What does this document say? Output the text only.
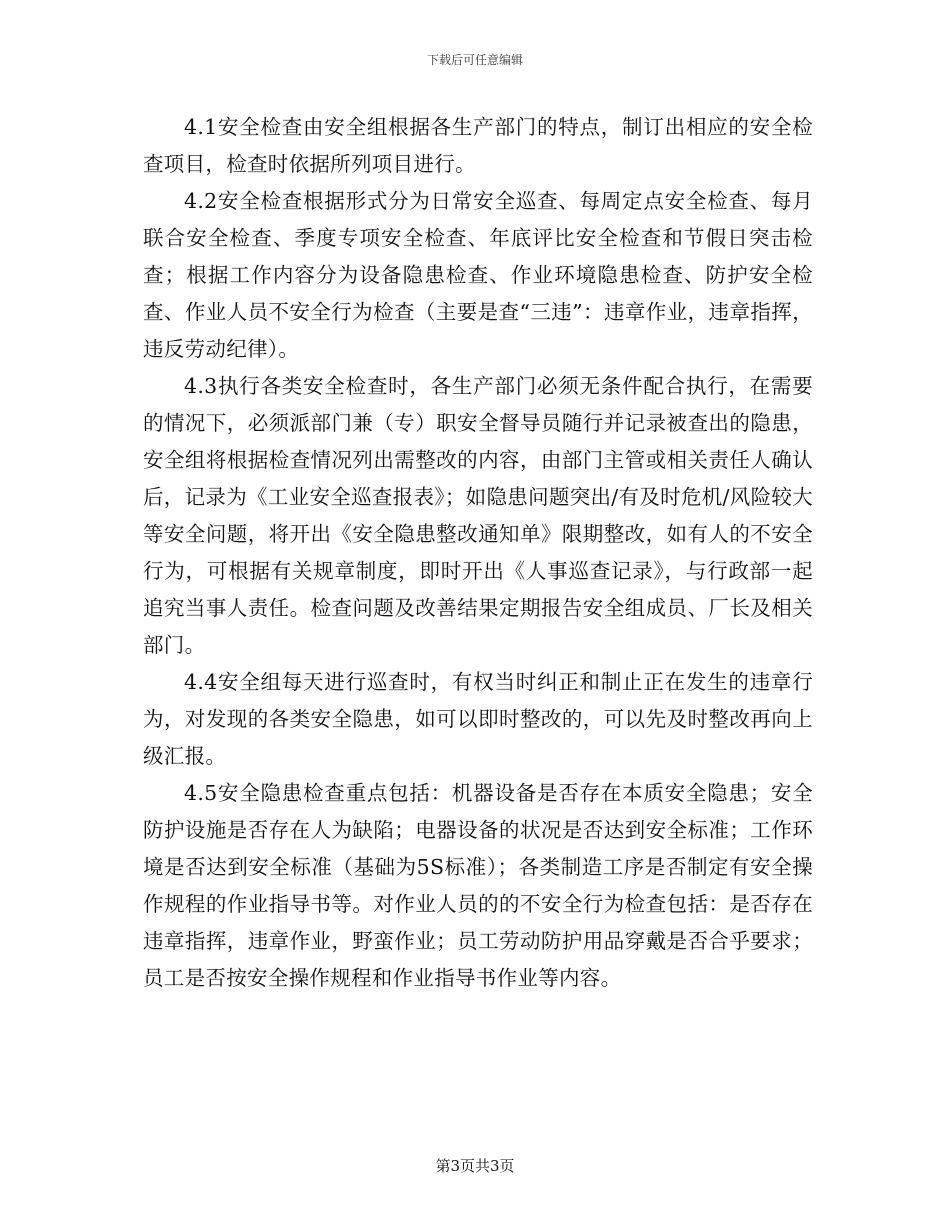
下载后可任意编辑

4.1安全检查由安全组根据各生产部门的特点，制订出相应的安全检查项目，检查时依据所列项目进行。

4.2安全检查根据形式分为日常安全巡查、每周定点安全检查、每月联合安全检查、季度专项安全检查、年底评比安全检查和节假日突击检查；根据工作内容分为设备隐患检查、作业环境隐患检查、防护安全检查、作业人员不安全行为检查（主要是查“三违”：违章作业，违章指挥，违反劳动纪律）。

4.3执行各类安全检查时，各生产部门必须无条件配合执行，在需要的情况下，必须派部门兼（专）职安全督导员随行并记录被查出的隐患，安全组将根据检查情况列出需整改的内容，由部门主管或相关责任人确认后，记录为《工业安全巡查报表》；如隐患问题突出/有及时危机/风险较大等安全问题，将开出《安全隐患整改通知单》限期整改，如有人的不安全行为，可根据有关规章制度，即时开出《人事巡查记录》，与行政部一起追究当事人责任。检查问题及改善结果定期报告安全组成员、厂长及相关部门。

4.4安全组每天进行巡查时，有权当时纠正和制止正在发生的违章行为，对发现的各类安全隐患，如可以即时整改的，可以先及时整改再向上级汇报。

4.5安全隐患检查重点包括：机器设备是否存在本质安全隐患；安全防护设施是否存在人为缺陷；电器设备的状况是否达到安全标准；工作环境是否达到安全标准（基础为5S标准）；各类制造工序是否制定有安全操作规程的作业指导书等。对作业人员的的不安全行为检查包括：是否存在违章指挥，违章作业，野蛮作业；员工劳动防护用品穿戴是否合乎要求；员工是否按安全操作规程和作业指导书作业等内容。

第3页共3页
